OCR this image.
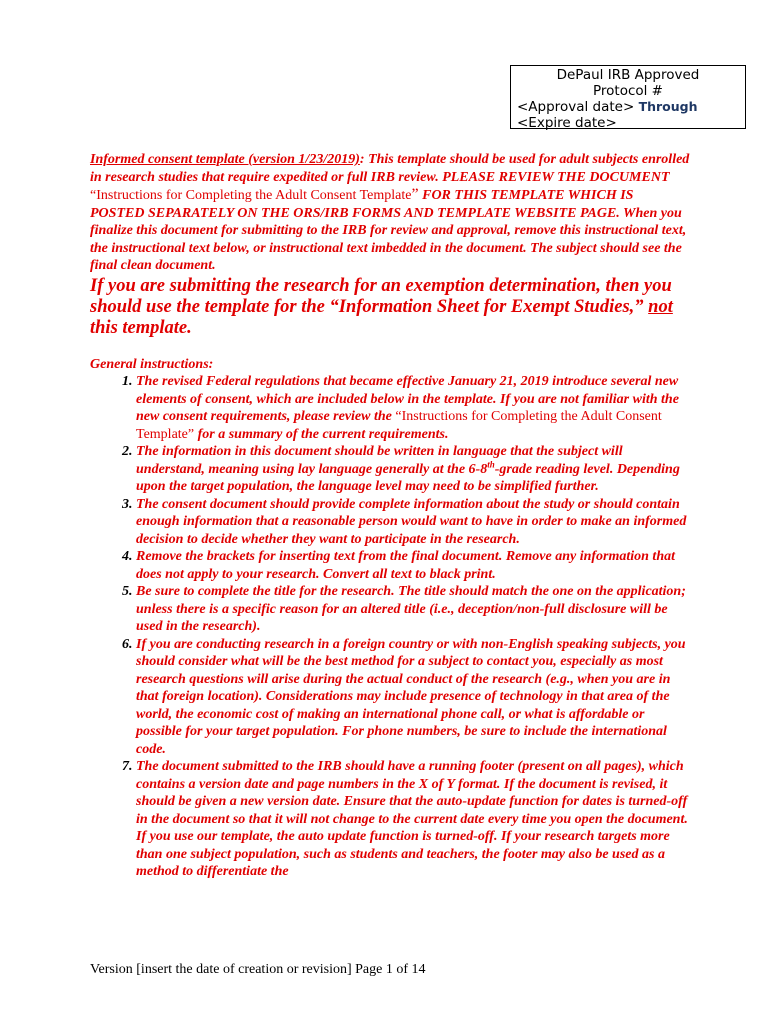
DePaul IRB Approved
Protocol #
<Approval date> Through
<Expire date>
Informed consent template (version 1/23/2019): This template should be used for adult subjects enrolled in research studies that require expedited or full IRB review. PLEASE REVIEW THE DOCUMENT “Instructions for Completing the Adult Consent Template” FOR THIS TEMPLATE WHICH IS POSTED SEPARATELY ON THE ORS/IRB FORMS AND TEMPLATE WEBSITE PAGE. When you finalize this document for submitting to the IRB for review and approval, remove this instructional text, the instructional text below, or instructional text imbedded in the document. The subject should see the final clean document.
If you are submitting the research for an exemption determination, then you should use the template for the “Information Sheet for Exempt Studies,” not this template.
General instructions:
1. The revised Federal regulations that became effective January 21, 2019 introduce several new elements of consent, which are included below in the template. If you are not familiar with the new consent requirements, please review the “Instructions for Completing the Adult Consent Template” for a summary of the current requirements.
2. The information in this document should be written in language that the subject will understand, meaning using lay language generally at the 6-8th-grade reading level. Depending upon the target population, the language level may need to be simplified further.
3. The consent document should provide complete information about the study or should contain enough information that a reasonable person would want to have in order to make an informed decision to decide whether they want to participate in the research.
4. Remove the brackets for inserting text from the final document. Remove any information that does not apply to your research. Convert all text to black print.
5. Be sure to complete the title for the research. The title should match the one on the application; unless there is a specific reason for an altered title (i.e., deception/non-full disclosure will be used in the research).
6. If you are conducting research in a foreign country or with non-English speaking subjects, you should consider what will be the best method for a subject to contact you, especially as most research questions will arise during the actual conduct of the research (e.g., when you are in that foreign location). Considerations may include presence of technology in that area of the world, the economic cost of making an international phone call, or what is affordable or possible for your target population. For phone numbers, be sure to include the international code.
7. The document submitted to the IRB should have a running footer (present on all pages), which contains a version date and page numbers in the X of Y format. If the document is revised, it should be given a new version date. Ensure that the auto-update function for dates is turned-off in the document so that it will not change to the current date every time you open the document. If you use our template, the auto update function is turned-off. If your research targets more than one subject population, such as students and teachers, the footer may also be used as a method to differentiate the
Version [insert the date of creation or revision] Page 1 of 14
